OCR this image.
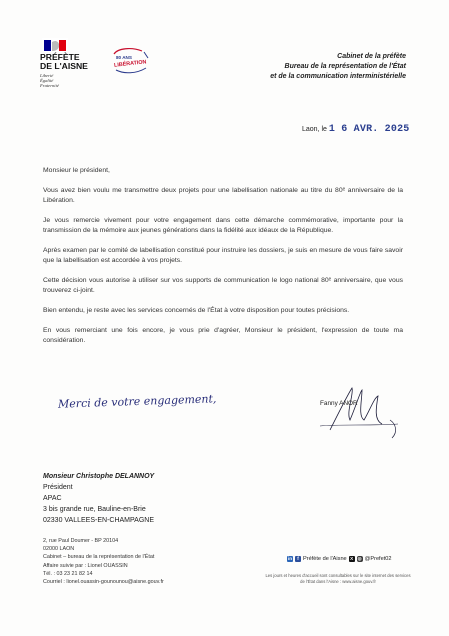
PRÉFÈTE
DE L'AISNE
Liberté
Égalité
Fraternité
80 ANS
LIBÉRATION
Cabinet de la préfète
Bureau de la représentation de l'État
et de la communication interministérielle
Laon, le 1 6 AVR. 2025

Monsieur le président,

Vous avez bien voulu me transmettre deux projets pour une labellisation nationale au titre du 80ᵉ anniversaire de la Libération.

Je vous remercie vivement pour votre engagement dans cette démarche commémorative, importante pour la transmission de la mémoire aux jeunes générations dans la fidélité aux idéaux de la République.

Après examen par le comité de labellisation constitué pour instruire les dossiers, je suis en mesure de vous faire savoir que la labellisation est accordée à vos projets.

Cette décision vous autorise à utiliser sur vos supports de communication le logo national 80ᵉ anniversaire, que vous trouverez ci-joint.

Bien entendu, je reste avec les services concernés de l'État à votre disposition pour toutes précisions.

En vous remerciant une fois encore, je vous prie d'agréer, Monsieur le président, l'expression de toute ma considération.

Merci de votre engagement,	Fanny ANOR
Monsieur Christophe DELANNOY
Président
APAC
3 bis grande rue, Bauline-en-Brie
02330 VALLEES-EN-CHAMPAGNE
2, rue Paul Doumer - BP 20104
02000 LAON
Cabinet – bureau de la représentation de l'État
Affaire suivie par : Lionel OUASSIN
Tél. : 03 23 21 82 14
Courriel : lionel.ouassin-gounounou@aisne.gouv.fr
in	f Préfète de l'Aisne X ◎ @Prefet02
Les jours et heures d'accueil sont consultables sur le site internet des services de l'État dans l'Aisne : www.aisne.gouv.fr
